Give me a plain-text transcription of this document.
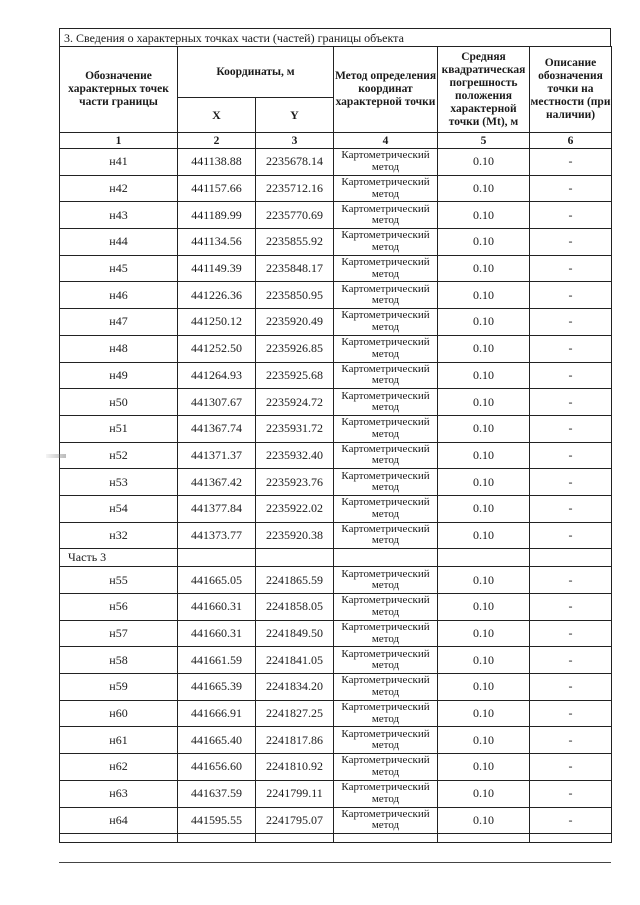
3. Сведения о характерных точках части (частей) границы объекта
Обозначение характерных точек части границы	Координаты, м		Метод определения координат характерной точки	Средняя квадратическая погрешность положения характерной точки (Mt), м	Описание обозначения точки на местности (при наличии)
	X	Y			
1	2	3	4	5	6
н41	441138.88	2235678.14	Картометрический метод	0.10	-
н42	441157.66	2235712.16	Картометрический метод	0.10	-
н43	441189.99	2235770.69	Картометрический метод	0.10	-
н44	441134.56	2235855.92	Картометрический метод	0.10	-
н45	441149.39	2235848.17	Картометрический метод	0.10	-
н46	441226.36	2235850.95	Картометрический метод	0.10	-
н47	441250.12	2235920.49	Картометрический метод	0.10	-
н48	441252.50	2235926.85	Картометрический метод	0.10	-
н49	441264.93	2235925.68	Картометрический метод	0.10	-
н50	441307.67	2235924.72	Картометрический метод	0.10	-
н51	441367.74	2235931.72	Картометрический метод	0.10	-
н52	441371.37	2235932.40	Картометрический метод	0.10	-
н53	441367.42	2235923.76	Картометрический метод	0.10	-
н54	441377.84	2235922.02	Картометрический метод	0.10	-
н32	441373.77	2235920.38	Картометрический метод	0.10	-
Часть 3					
н55	441665.05	2241865.59	Картометрический метод	0.10	-
н56	441660.31	2241858.05	Картометрический метод	0.10	-
н57	441660.31	2241849.50	Картометрический метод	0.10	-
н58	441661.59	2241841.05	Картометрический метод	0.10	-
н59	441665.39	2241834.20	Картометрический метод	0.10	-
н60	441666.91	2241827.25	Картометрический метод	0.10	-
н61	441665.40	2241817.86	Картометрический метод	0.10	-
н62	441656.60	2241810.92	Картометрический метод	0.10	-
н63	441637.59	2241799.11	Картометрический метод	0.10	-
н64	441595.55	2241795.07	Картометрический метод	0.10	-
